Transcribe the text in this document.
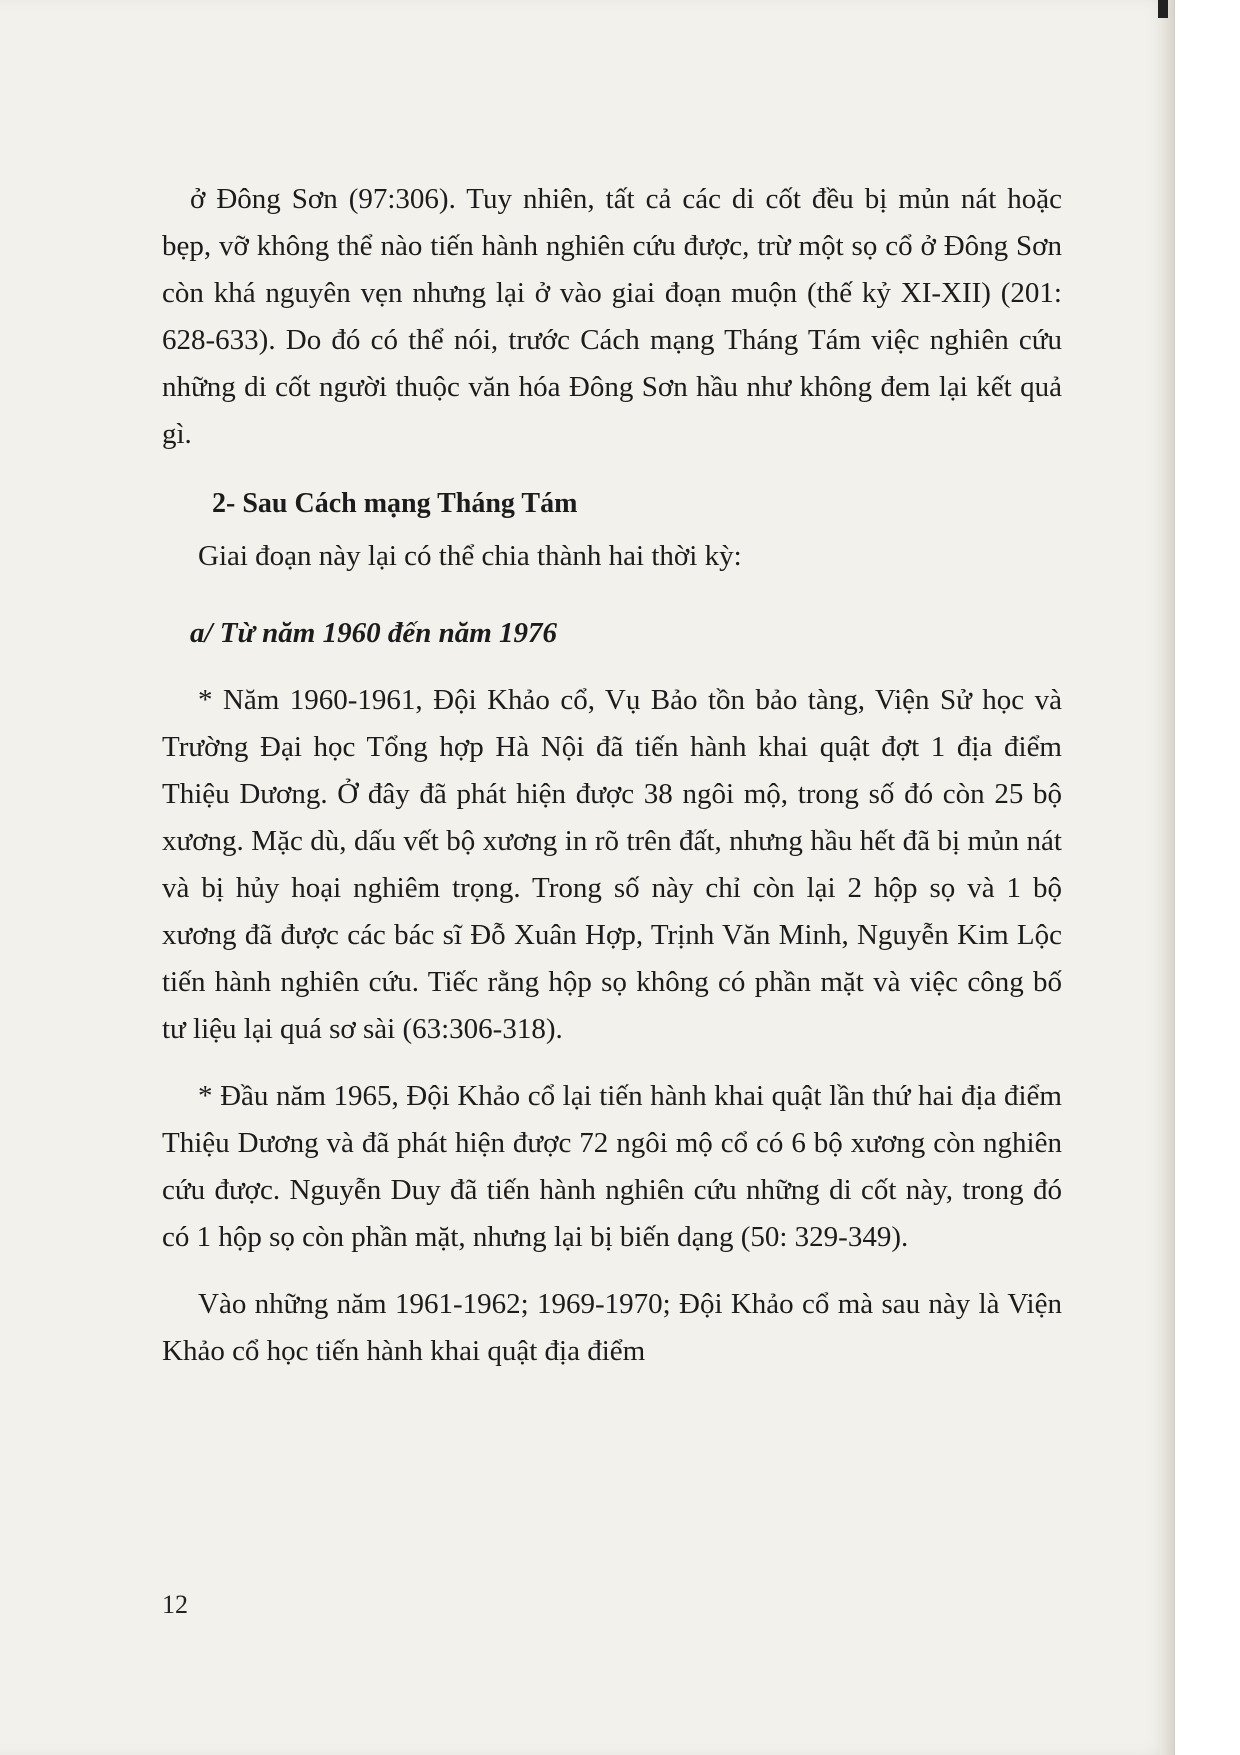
ở Đông Sơn (97:306). Tuy nhiên, tất cả các di cốt đều bị mủn nát hoặc bẹp, vỡ không thể nào tiến hành nghiên cứu được, trừ một sọ cổ ở Đông Sơn còn khá nguyên vẹn nhưng lại ở vào giai đoạn muộn (thế kỷ XI-XII) (201: 628-633). Do đó có thể nói, trước Cách mạng Tháng Tám việc nghiên cứu những di cốt người thuộc văn hóa Đông Sơn hầu như không đem lại kết quả gì.

2- Sau Cách mạng Tháng Tám

Giai đoạn này lại có thể chia thành hai thời kỳ:

a/ Từ năm 1960 đến năm 1976

* Năm 1960-1961, Đội Khảo cổ, Vụ Bảo tồn bảo tàng, Viện Sử học và Trường Đại học Tổng hợp Hà Nội đã tiến hành khai quật đợt 1 địa điểm Thiệu Dương. Ở đây đã phát hiện được 38 ngôi mộ, trong số đó còn 25 bộ xương. Mặc dù, dấu vết bộ xương in rõ trên đất, nhưng hầu hết đã bị mủn nát và bị hủy hoại nghiêm trọng. Trong số này chỉ còn lại 2 hộp sọ và 1 bộ xương đã được các bác sĩ Đỗ Xuân Hợp, Trịnh Văn Minh, Nguyễn Kim Lộc tiến hành nghiên cứu. Tiếc rằng hộp sọ không có phần mặt và việc công bố tư liệu lại quá sơ sài (63:306-318).

* Đầu năm 1965, Đội Khảo cổ lại tiến hành khai quật lần thứ hai địa điểm Thiệu Dương và đã phát hiện được 72 ngôi mộ cổ có 6 bộ xương còn nghiên cứu được. Nguyễn Duy đã tiến hành nghiên cứu những di cốt này, trong đó có 1 hộp sọ còn phần mặt, nhưng lại bị biến dạng (50: 329-349).

Vào những năm 1961-1962; 1969-1970; Đội Khảo cổ mà sau này là Viện Khảo cổ học tiến hành khai quật địa điểm

12
